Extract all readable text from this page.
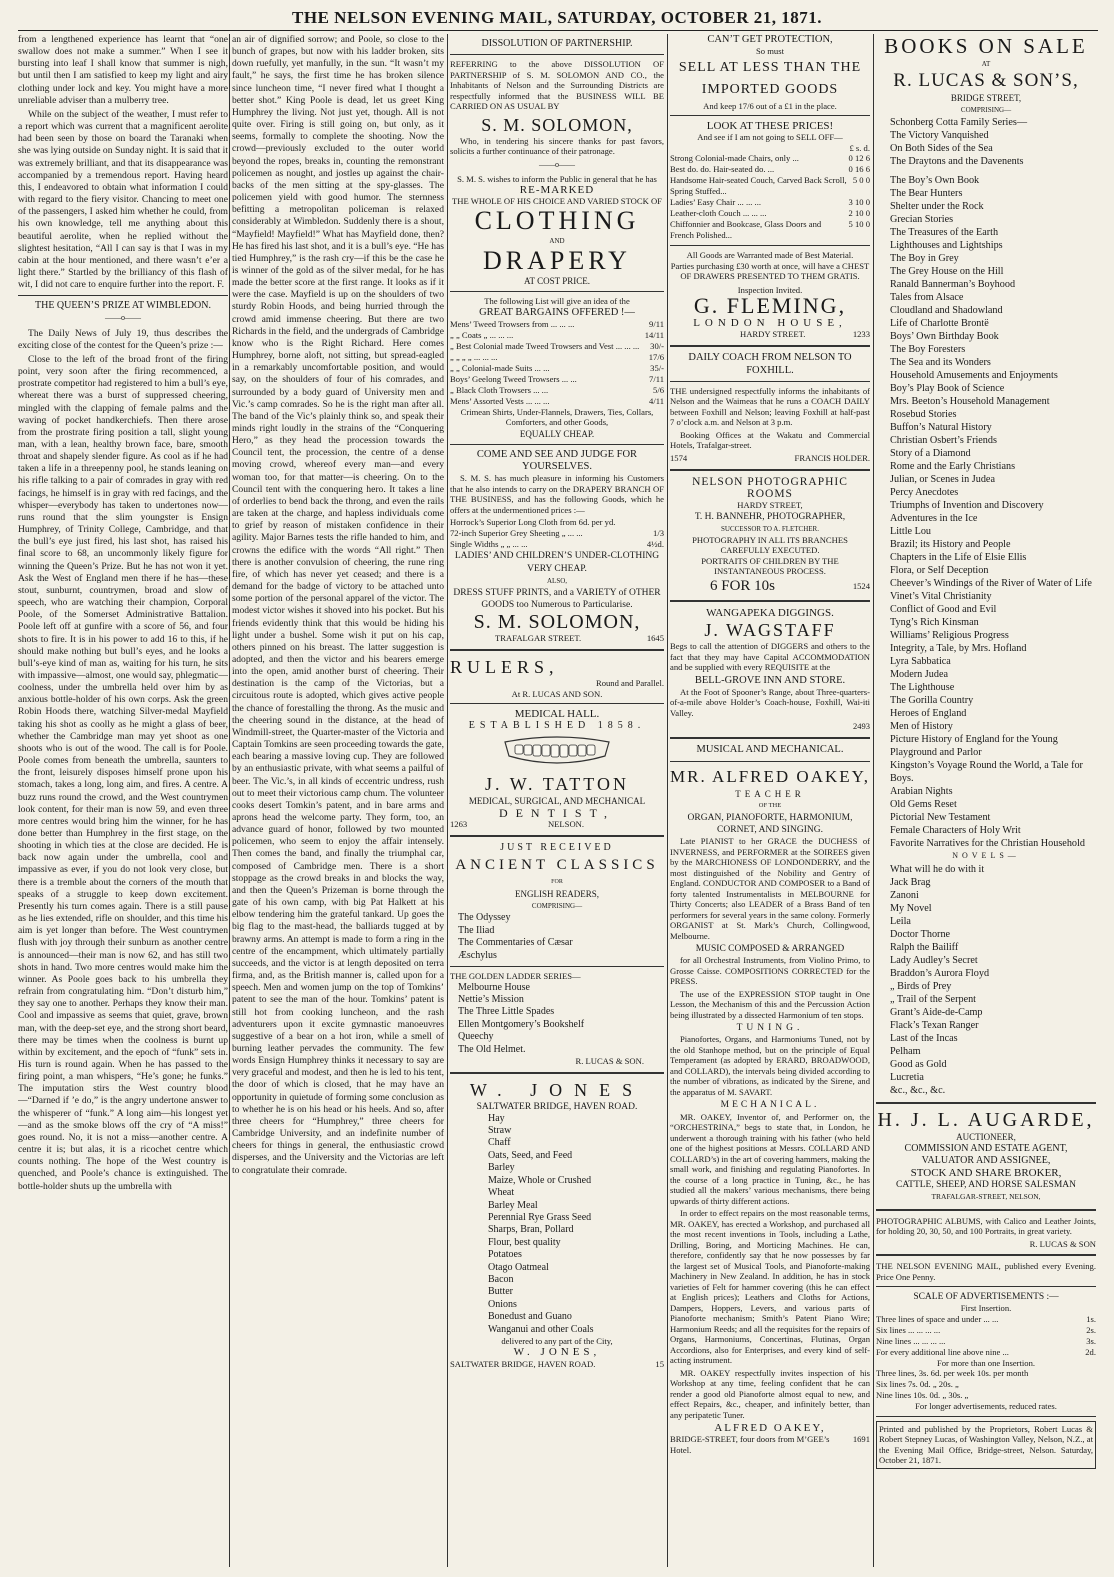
THE NELSON EVENING MAIL, SATURDAY, OCTOBER 21, 1871.

from a lengthened experience has learnt that “one swallow does not make a summer.” When I see it bursting into leaf I shall know that summer is nigh, but until then I am satisfied to keep my light and airy clothing under lock and key. You might have a more unreliable adviser than a mulberry tree.

While on the subject of the weather, I must refer to a report which was current that a magnificent aerolite had been seen by those on board the Taranaki when she was lying outside on Sunday night. It is said that it was extremely brilliant, and that its disappearance was accompanied by a tremendous report. Having heard this, I endeavored to obtain what information I could with regard to the fiery visitor. Chancing to meet one of the passengers, I asked him whether he could, from his own knowledge, tell me anything about this beautiful aerolite, when he replied without the slightest hesitation, “All I can say is that I was in my cabin at the hour mentioned, and there wasn’t e’er a light there.” Startled by the brilliancy of this flash of wit, I did not care to enquire further into the report. F.

THE QUEEN’S PRIZE AT WIMBLEDON.
——o——

The Daily News of July 19, thus describes the exciting close of the contest for the Queen’s prize :—

Close to the left of the broad front of the firing point, very soon after the firing recommenced, a prostrate competitor had registered to him a bull’s eye, whereat there was a burst of suppressed cheering, mingled with the clapping of female palms and the waving of pocket handkerchiefs. Then there arose from the prostrate firing position a tall, slight young man, with a lean, healthy brown face, bare, smooth throat and shapely slender figure. As cool as if he had taken a life in a threepenny pool, he stands leaning on his rifle talking to a pair of comrades in gray with red facings, he himself is in gray with red facings, and the whisper—everybody has taken to undertones now—runs round that the slim youngster is Ensign Humphrey, of Trinity College, Cambridge, and that the bull’s eye just fired, his last shot, has raised his final score to 68, an uncommonly likely figure for winning the Queen’s Prize. But he has not won it yet. Ask the West of England men there if he has—these stout, sunburnt, countrymen, broad and slow of speech, who are watching their champion, Corporal Poole, of the Somerset Administrative Battalion. Poole left off at gunfire with a score of 56, and four shots to fire. It is in his power to add 16 to this, if he should make nothing but bull’s eyes, and he looks a bull’s-eye kind of man as, waiting for his turn, he sits with impassive—almost, one would say, phlegmatic—coolness, under the umbrella held over him by as anxious bottle-holder of his own corps. Ask the green Robin Hoods there, watching Silver-medal Mayfield taking his shot as coolly as he might a glass of beer, whether the Cambridge man may yet shoot as one shoots who is out of the wood. The call is for Poole. Poole comes from beneath the umbrella, saunters to the front, leisurely disposes himself prone upon his stomach, takes a long, long aim, and fires. A centre. A buzz runs round the crowd, and the West countrymen look content, for their man is now 59, and even three more centres would bring him the winner, for he has done better than Humphrey in the first stage, on the shooting in which ties at the close are decided. He is back now again under the umbrella, cool and impassive as ever, if you do not look very close, but there is a tremble about the corners of the mouth that speaks of a struggle to keep down excitement. Presently his turn comes again. There is a still pause as he lies extended, rifle on shoulder, and this time his aim is yet longer than before. The West countrymen flush with joy through their sunburn as another centre is announced—their man is now 62, and has still two shots in hand. Two more centres would make him the winner. As Poole goes back to his umbrella they refrain from congratulating him. “Don’t disturb him,” they say one to another. Perhaps they know their man. Cool and impassive as seems that quiet, grave, brown man, with the deep-set eye, and the strong short beard, there may be times when the coolness is burnt up within by excitement, and the epoch of “funk” sets in. His turn is round again. When he has passed to the firing point, a man whispers, “He’s gone; he funks.” The imputation stirs the West country blood—“Darned if ’e do,” is the angry undertone answer to the whisperer of “funk.” A long aim—his longest yet—and as the smoke blows off the cry of “A miss!” goes round. No, it is not a miss—another centre. A centre it is; but alas, it is a ricochet centre which counts nothing. The hope of the West country is quenched, and Poole’s chance is extinguished. The bottle-holder shuts up the umbrella with

an air of dignified sorrow; and Poole, so close to the bunch of grapes, but now with his ladder broken, sits down ruefully, yet manfully, in the sun. “It wasn’t my fault,” he says, the first time he has broken silence since luncheon time, “I never fired what I thought a better shot.” King Poole is dead, let us greet King Humphrey the living. Not just yet, though. All is not quite over. Firing is still going on, but only, as it seems, formally to complete the shooting. Now the crowd—previously excluded to the outer world beyond the ropes, breaks in, counting the remonstrant policemen as nought, and jostles up against the chair-backs of the men sitting at the spy-glasses. The policemen yield with good humor. The sternness befitting a metropolitan policeman is relaxed considerably at Wimbledon. Suddenly there is a shout, “Mayfield! Mayfield!” What has Mayfield done, then? He has fired his last shot, and it is a bull’s eye. “He has tied Humphrey,” is the rash cry—if this be the case he is winner of the gold as of the silver medal, for he has made the better score at the first range. It looks as if it were the case. Mayfield is up on the shoulders of two sturdy Robin Hoods, and being hurried through the crowd amid immense cheering. But there are two Richards in the field, and the undergrads of Cambridge know who is the Right Richard. Here comes Humphrey, borne aloft, not sitting, but spread-eagled in a remarkably uncomfortable position, and would say, on the shoulders of four of his comrades, and surrounded by a body guard of University men and Vic.’s camp comrades. So he is the right man after all. The band of the Vic’s plainly think so, and speak their minds right loudly in the strains of the “Conquering Hero,” as they head the procession towards the Council tent, the procession, the centre of a dense moving crowd, whereof every man—and every woman too, for that matter—is cheering. On to the Council tent with the conquering hero. It takes a line of orderlies to bend back the throng, and even the rails are taken at the charge, and hapless individuals come to grief by reason of mistaken confidence in their agility. Major Barnes tests the rifle handed to him, and crowns the edifice with the words “All right.” Then there is another convulsion of cheering, the rune ring fire, of which has never yet ceased; and there is a demand for the badge of victory to be attached unto some portion of the personal apparel of the victor. The modest victor wishes it shoved into his pocket. But his friends evidently think that this would be hiding his light under a bushel. Some wish it put on his cap, others pinned on his breast. The latter suggestion is adopted, and then the victor and his bearers emerge into the open, amid another burst of cheering. Their destination is the camp of the Victorias, but a circuitous route is adopted, which gives active people the chance of forestalling the throng. As the music and the cheering sound in the distance, at the head of Windmill-street, the Quarter-master of the Victoria and Captain Tomkins are seen proceeding towards the gate, each bearing a massive loving cup. They are followed by an enthusiastic private, with what seems a pailful of beer. The Vic.’s, in all kinds of eccentric undress, rush out to meet their victorious camp chum. The volunteer cooks desert Tomkin’s patent, and in bare arms and aprons head the welcome party. They form, too, an advance guard of honor, followed by two mounted policemen, who seem to enjoy the affair intensely. Then comes the band, and finally the triumphal car, composed of Cambridge men. There is a short stoppage as the crowd breaks in and blocks the way, and then the Queen’s Prizeman is borne through the gate of his own camp, with big Pat Halkett at his elbow tendering him the grateful tankard. Up goes the big flag to the mast-head, the balliards tugged at by brawny arms. An attempt is made to form a ring in the centre of the encampment, which ultimately partially succeeds, and the victor is at length deposited on terra firma, and, as the British manner is, called upon for a speech. Men and women jump on the top of Tomkins’ patent to see the man of the hour. Tomkins’ patent is still hot from cooking luncheon, and the rash adventurers upon it excite gymnastic manoeuvres suggestive of a bear on a hot iron, while a smell of burning leather pervades the community. The few words Ensign Humphrey thinks it necessary to say are very graceful and modest, and then he is led to his tent, the door of which is closed, that he may have an opportunity in quietude of forming some conclusion as to whether he is on his head or his heels. And so, after three cheers for “Humphrey,” three cheers for Cambridge University, and an indefinite number of cheers for things in general, the enthusiastic crowd disperses, and the University and the Victorias are left to congratulate their comrade.

DISSOLUTION OF PARTNERSHIP.

REFERRING to the above DISSOLUTION OF PARTNERSHIP of S. M. SOLOMON AND CO., the Inhabitants of Nelson and the Surrounding Districts are respectfully informed that the BUSINESS WILL BE CARRIED ON AS USUAL BY

S. M. SOLOMON,

Who, in tendering his sincere thanks for past favors, solicits a further continuance of their patronage.

——o——
S. M. S. wishes to inform the Public in general that he has
RE-MARKED
THE WHOLE OF HIS CHOICE AND VARIED STOCK OF
CLOTHING
AND
DRAPERY
AT COST PRICE.
The following List will give an idea of the
GREAT BARGAINS OFFERED !—
Mens’ Tweed Trowsers from ... ... ...	9/11
„ „ Coats „ ... ... ...	14/11
„ Best Colonial made Tweed Trowsers and Vest ... ... ... 30/-
„ „ „ „ ... ... ...	17/6
„ „ Colonial-made Suits ... ...	35/-
Boys’ Geelong Tweed Trowsers ... ...	7/11
„ Black Cloth Trowsers ... ...	5/6
Mens’ Assorted Vests ... ... ...	4/11
Crimean Shirts, Under-Flannels, Drawers, Ties, Collars, Comforters, and other Goods,
EQUALLY CHEAP.
COME AND SEE AND JUDGE FOR YOURSELVES.

S. M. S. has much pleasure in informing his Customers that he also intends to carry on the DRAPERY BRANCH OF THE BUSINESS, and has the following Goods, which he offers at the undermentioned prices :—

Horrock’s Superior Long Cloth from 6d. per yd.
72-inch Superior Grey Sheeting „ ... ...	1/3
Single Widths „ „ ... ...	4½d.
LADIES’ AND CHILDREN’S UNDER-CLOTHING VERY CHEAP.
ALSO,
DRESS STUFF PRINTS, and a VARIETY of OTHER GOODS too Numerous to Particularise.
S. M. SOLOMON,
TRAFALGAR STREET.	1645
RULERS,
Round and Parallel.
At R. LUCAS AND SON.
MEDICAL HALL.
ESTABLISHED 1858.
J. W. TATTON
MEDICAL, SURGICAL, AND MECHANICAL
DENTIST,
1263	NELSON.
JUST RECEIVED
ANCIENT CLASSICS
FOR
ENGLISH READERS,
COMPRISING—
The Odyssey
The Iliad
The Commentaries of Cæsar
Æschylus
THE GOLDEN LADDER SERIES—
Melbourne House
Nettie’s Mission
The Three Little Spades
Ellen Montgomery’s Bookshelf
Queechy
The Old Helmet.
R. LUCAS & SON.
W. JONES
SALTWATER BRIDGE, HAVEN ROAD.
Hay
Straw
Chaff
Oats, Seed, and Feed
Barley
Maize, Whole or Crushed
Wheat
Barley Meal
Perennial Rye Grass Seed
Sharps, Bran, Pollard
Flour, best quality
Potatoes
Otago Oatmeal
Bacon
Butter
Onions
Bonedust and Guano
Wanganui and other Coals
delivered to any part of the City,
W. JONES,
SALTWATER BRIDGE, HAVEN ROAD.	15
CAN’T GET PROTECTION,
So must
SELL AT LESS THAN THE IMPORTED GOODS
And keep 17/6 out of a £1 in the place.
LOOK AT THESE PRICES!
And see if I am not going to SELL OFF—
£ s. d.
Strong Colonial-made Chairs, only ...	0 12 6
Best do. do. Hair-seated do. ...	0 16 6
Handsome Hair-seated Couch, Carved Back Scroll, Spring Stuffed...
5 0 0
Ladies’ Easy Chair ... ... ...	3 10 0
Leather-cloth Couch ... ... ...	2 10 0
Chiffonnier and Bookcase, Glass Doors and French Polished...
5 10 0
All Goods are Warranted made of Best Material.
Parties purchasing £30 worth at once, will have a CHEST OF DRAWERS PRESENTED TO THEM GRATIS.
Inspection Invited.
G. FLEMING,
LONDON HOUSE,
HARDY STREET.	1233
DAILY COACH FROM NELSON TO FOXHILL.

THE undersigned respectfully informs the inhabitants of Nelson and the Waimeas that he runs a COACH DAILY between Foxhill and Nelson; leaving Foxhill at half-past 7 o’clock a.m. and Nelson at 3 p.m.

Booking Offices at the Wakatu and Commercial Hotels, Trafalgar-street.

1574	FRANCIS HOLDER.
NELSON PHOTOGRAPHIC ROOMS
HARDY STREET,
T. H. BANNEHR, PHOTOGRAPHER,
SUCCESSOR TO A. FLETCHER.
PHOTOGRAPHY IN ALL ITS BRANCHES CAREFULLY EXECUTED.
PORTRAITS OF CHILDREN BY THE INSTANTANEOUS PROCESS.
6 FOR 10s	1524
WANGAPEKA DIGGINGS.
J. WAGSTAFF

Begs to call the attention of DIGGERS and others to the fact that they may have Capital ACCOMMODATION and be supplied with every REQUISITE at the

BELL-GROVE INN AND STORE.

At the Foot of Spooner’s Range, about Three-quarters-of-a-mile above Holder’s Coach-house, Foxhill, Wai-iti Valley.

2493
MUSICAL AND MECHANICAL.
MR. ALFRED OAKEY,
TEACHER
OF THE
ORGAN, PIANOFORTE, HARMONIUM, CORNET, AND SINGING.

Late PIANIST to her GRACE the DUCHESS of INVERNESS, and PERFORMER at the SOIREES given by the MARCHIONESS OF LONDONDERRY, and the most distinguished of the Nobility and Gentry of England. CONDUCTOR AND COMPOSER to a Band of forty talented Instrumentalists in MELBOURNE for Thirty Concerts; also LEADER of a Brass Band of ten performers for several years in the same colony. Formerly ORGANIST at St. Mark’s Church, Collingwood, Melbourne.

MUSIC COMPOSED & ARRANGED

for all Orchestral Instruments, from Violino Primo, to Grosse Caisse. COMPOSITIONS CORRECTED for the PRESS.

The use of the EXPRESSION STOP taught in One Lesson, the Mechanism of this and the Percussion Action being illustrated by a dissected Harmonium of ten stops.

TUNING.

Pianofortes, Organs, and Harmoniums Tuned, not by the old Stanhope method, but on the principle of Equal Temperament (as adopted by ERARD, BROADWOOD, and COLLARD), the intervals being divided according to the number of vibrations, as indicated by the Sirene, and the apparatus of M. SAVART.

MECHANICAL.

MR. OAKEY, Inventor of, and Performer on, the “ORCHESTRINA,” begs to state that, in London, he underwent a thorough training with his father (who held one of the highest positions at Messrs. COLLARD AND COLLARD’s) in the art of covering hammers, making the small work, and finishing and regulating Pianofortes. In the course of a long practice in Tuning, &c., he has studied all the makers’ various mechanisms, there being upwards of thirty different actions.

In order to effect repairs on the most reasonable terms, MR. OAKEY, has erected a Workshop, and purchased all the most recent inventions in Tools, including a Lathe, Drilling, Boring, and Morticing Machines. He can, therefore, confidently say that he now possesses by far the largest set of Musical Tools, and Pianoforte-making Machinery in New Zealand. In addition, he has in stock varieties of Felt for hammer covering (this he can effect at English prices); Leathers and Cloths for Actions, Dampers, Hoppers, Levers, and various parts of Pianoforte mechanism; Smith’s Patent Piano Wire; Harmonium Reeds; and all the requisites for the repairs of Organs, Harmoniums, Concertinas, Flutinas, Organ Accordions, also for Enterprises, and every kind of self-acting instrument.

MR. OAKEY respectfully invites inspection of his Workshop at any time, feeling confident that he can render a good old Pianoforte almost equal to new, and effect Repairs, &c., cheaper, and infinitely better, than any peripatetic Tuner.

ALFRED OAKEY,
BRIDGE-STREET, four doors from M’GEE’s Hotel.
1691
BOOKS ON SALE
AT
R. LUCAS & SON’S,
BRIDGE STREET,
COMPRISING—
Schonberg Cotta Family Series—
The Victory Vanquished
On Both Sides of the Sea
The Draytons and the Davenents
The Boy’s Own Book
The Bear Hunters
Shelter under the Rock
Grecian Stories
The Treasures of the Earth
Lighthouses and Lightships
The Boy in Grey
The Grey House on the Hill
Ranald Bannerman’s Boyhood
Tales from Alsace
Cloudland and Shadowland
Life of Charlotte Brontë
Boys’ Own Birthday Book
The Boy Foresters
The Sea and its Wonders
Household Amusements and Enjoyments
Boy’s Play Book of Science
Mrs. Beeton’s Household Management
Rosebud Stories
Buffon’s Natural History
Christian Osbert’s Friends
Story of a Diamond
Rome and the Early Christians
Julian, or Scenes in Judea
Percy Anecdotes
Triumphs of Invention and Discovery
Adventures in the Ice
Little Lou
Brazil; its History and People
Chapters in the Life of Elsie Ellis
Flora, or Self Deception
Cheever’s Windings of the River of Water of Life
Vinet’s Vital Christianity
Conflict of Good and Evil
Tyng’s Rich Kinsman
Williams’ Religious Progress
Integrity, a Tale, by Mrs. Hofland
Lyra Sabbatica
Modern Judea
The Lighthouse
The Gorilla Country
Heroes of England
Men of History
Picture History of England for the Young
Playground and Parlor
Kingston’s Voyage Round the World, a Tale for Boys.
Arabian Nights
Old Gems Reset
Pictorial New Testament
Female Characters of Holy Writ
Favorite Narratives for the Christian Household
NOVELS—
What will he do with it
Jack Brag
Zanoni
My Novel
Leila
Doctor Thorne
Ralph the Bailiff
Lady Audley’s Secret
Braddon’s Aurora Floyd
„ Birds of Prey
„ Trail of the Serpent
Grant’s Aide-de-Camp
Flack’s Texan Ranger
Last of the Incas
Pelham
Good as Gold
Lucretia
&c., &c., &c.
H. J. L. AUGARDE,
AUCTIONEER,
COMMISSION AND ESTATE AGENT,
VALUATOR AND ASSIGNEE,
STOCK AND SHARE BROKER,
CATTLE, SHEEP, AND HORSE SALESMAN
TRAFALGAR-STREET, NELSON,

PHOTOGRAPHIC ALBUMS, with Calico and Leather Joints, for holding 20, 30, 50, and 100 Portraits, in great variety.

R. LUCAS & SON

THE NELSON EVENING MAIL, published every Evening. Price One Penny.

SCALE OF ADVERTISEMENTS :—
First Insertion.
Three lines of space and under ... ...	1s.
Six lines ... ... ... ...	2s.
Nine lines ... ... ... ...	3s.
For every additional line above nine ...	2d.
For more than one Insertion.
Three lines, 3s. 6d. per week 10s. per month
Six lines 7s. 0d. „ 20s. „
Nine lines 10s. 0d. „ 30s. „
For longer advertisements, reduced rates.

Printed and published by the Proprietors, Robert Lucas & Robert Stepney Lucas, of Washington Valley, Nelson, N.Z., at the Evening Mail Office, Bridge-street, Nelson. Saturday, October 21, 1871.
